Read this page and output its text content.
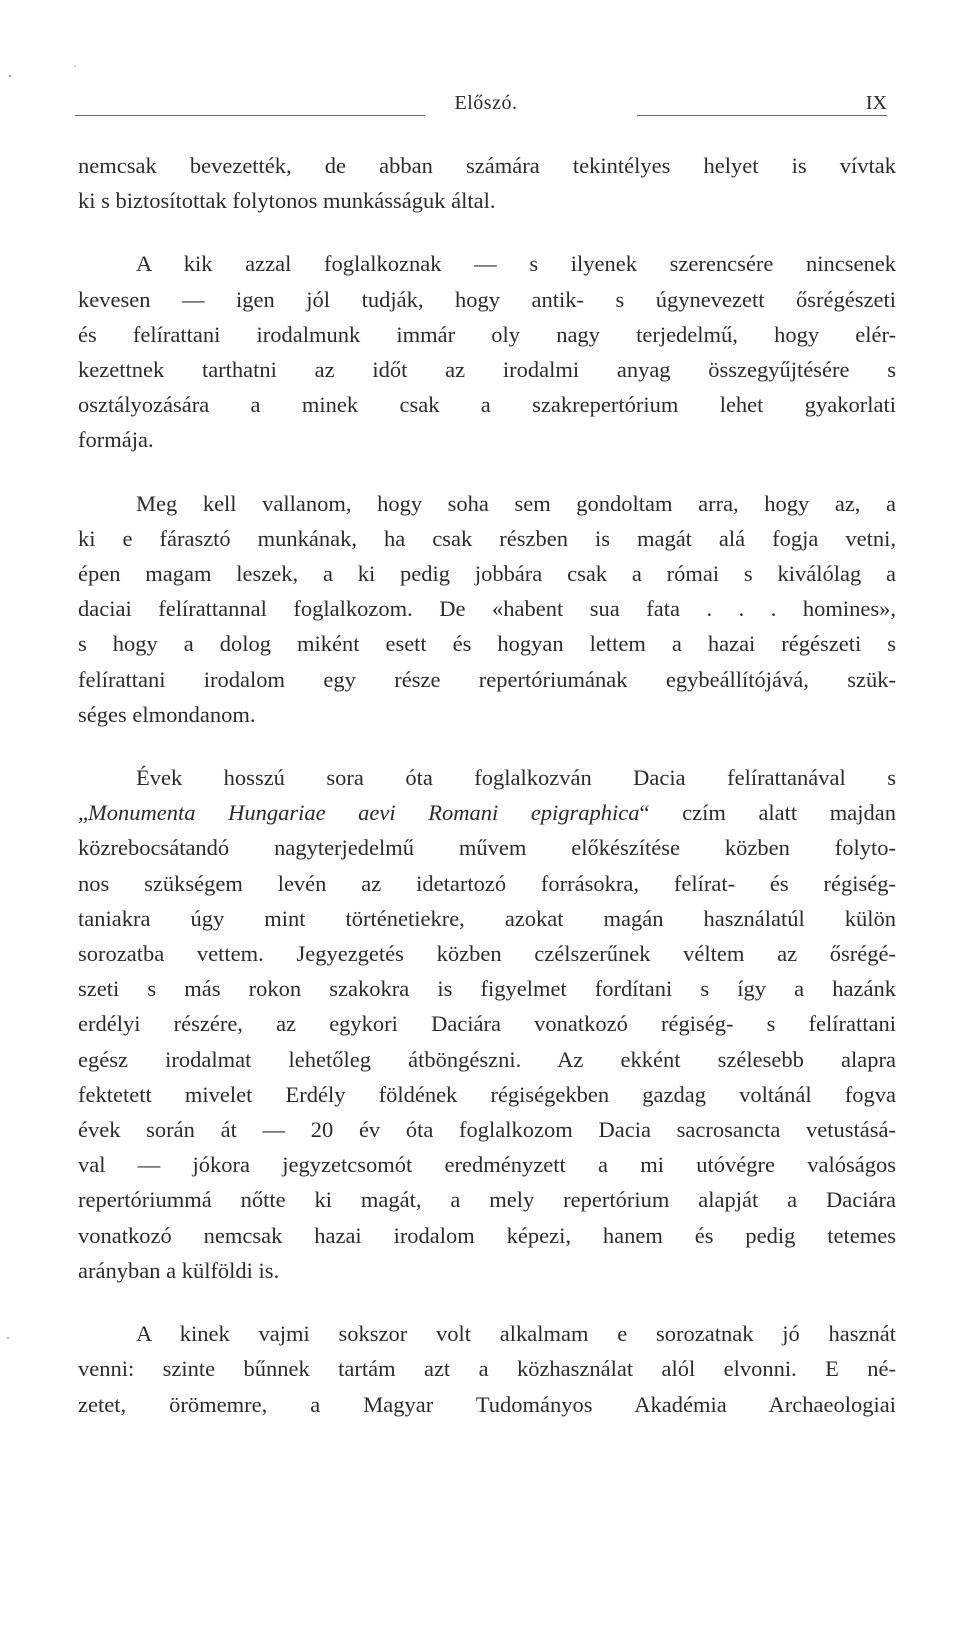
Előszó.	IX

nemcsak bevezették, de abban számára tekintélyes helyet is vívtak
ki s biztosítottak folytonos munkásságuk által.

A kik azzal foglalkoznak — s ilyenek szerencsére nincsenek
kevesen — igen jól tudják, hogy antik- s úgynevezett ősrégészeti
és felírattani irodalmunk immár oly nagy terjedelmű, hogy elér-
kezettnek tarthatni az időt az irodalmi anyag összegyűjtésére s
osztályozására a minek csak a szakrepertórium lehet gyakorlati
formája.

Meg kell vallanom, hogy soha sem gondoltam arra, hogy az, a
ki e fárasztó munkának, ha csak részben is magát alá fogja vetni,
épen magam leszek, a ki pedig jobbára csak a római s kiválólag a
daciai felírattannal foglalkozom. De «habent sua fata . . . homines»,
s hogy a dolog miként esett és hogyan lettem a hazai régészeti s
felírattani irodalom egy része repertóriumának egybeállítójává, szük-
séges elmondanom.

Évek hosszú sora óta foglalkozván Dacia felírattanával s
„Monumenta Hungariae aevi Romani epigraphica“ czím alatt majdan
közrebocsátandó nagyterjedelmű művem előkészítése közben folyto-
nos szükségem levén az idetartozó forrásokra, felírat- és régiség-
taniakra úgy mint történetiekre, azokat magán használatúl külön
sorozatba vettem. Jegyezgetés közben czélszerűnek véltem az ősrégé-
szeti s más rokon szakokra is figyelmet fordítani s így a hazánk
erdélyi részére, az egykori Daciára vonatkozó régiség- s felírattani
egész irodalmat lehetőleg átböngészni. Az ekként szélesebb alapra
fektetett mivelet Erdély földének régiségekben gazdag voltánál fogva
évek során át — 20 év óta foglalkozom Dacia sacrosancta vetustásá-
val — jókora jegyzetcsomót eredményzett a mi utóvégre valóságos
repertóriummá nőtte ki magát, a mely repertórium alapját a Daciára
vonatkozó nemcsak hazai irodalom képezi, hanem és pedig tetemes
arányban a külföldi is.

A kinek vajmi sokszor volt alkalmam e sorozatnak jó hasznát
venni: szinte bűnnek tartám azt a közhasználat alól elvonni. E né-
zetet, örömemre, a Magyar Tudományos Akadémia Archaeologiai
